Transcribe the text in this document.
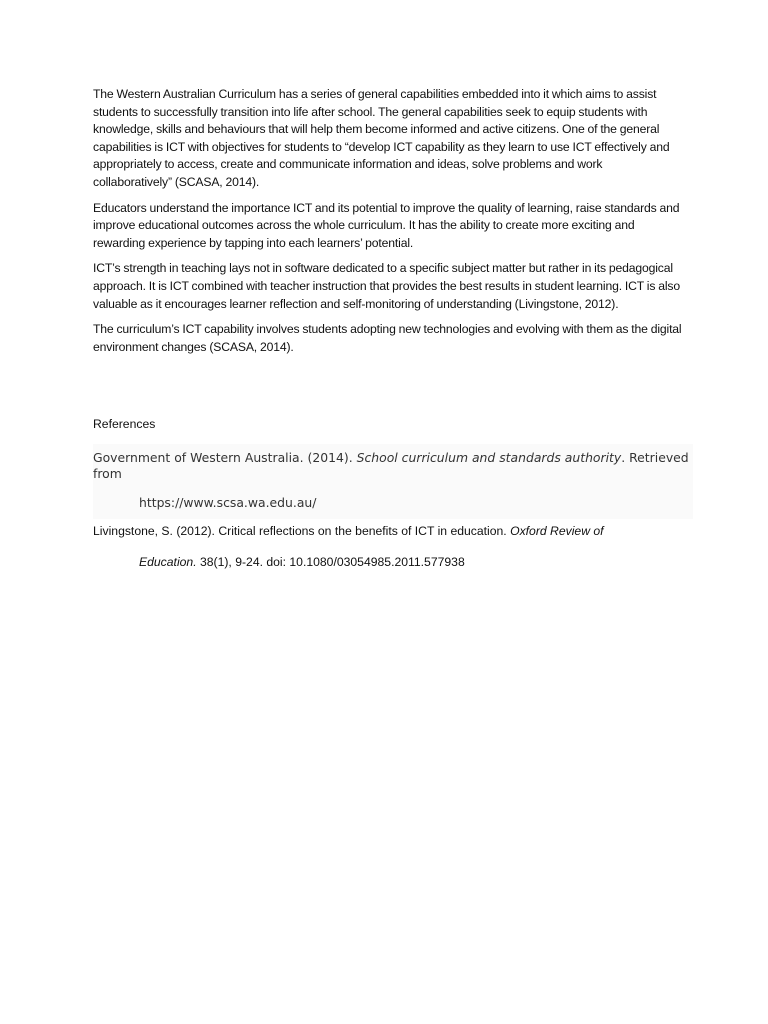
The Western Australian Curriculum has a series of general capabilities embedded into it which aims to assist students to successfully transition into life after school. The general capabilities seek to equip students with knowledge, skills and behaviours that will help them become informed and active citizens. One of the general capabilities is ICT with objectives for students to “develop ICT capability as they learn to use ICT effectively and appropriately to access, create and communicate information and ideas, solve problems and work collaboratively” (SCASA, 2014).

Educators understand the importance ICT and its potential to improve the quality of learning, raise standards and improve educational outcomes across the whole curriculum. It has the ability to create more exciting and rewarding experience by tapping into each learners’ potential.

ICT’s strength in teaching lays not in software dedicated to a specific subject matter but rather in its pedagogical approach. It is ICT combined with teacher instruction that provides the best results in student learning. ICT is also valuable as it encourages learner reflection and self-monitoring of understanding (Livingstone, 2012).

The curriculum’s ICT capability involves students adopting new technologies and evolving with them as the digital environment changes (SCASA, 2014).

References

Government of Western Australia. (2014). School curriculum and standards authority. Retrieved from
https://www.scsa.wa.edu.au/
Livingstone, S. (2012). Critical reflections on the benefits of ICT in education. Oxford Review of
Education. 38(1), 9-24. doi: 10.1080/03054985.2011.577938
